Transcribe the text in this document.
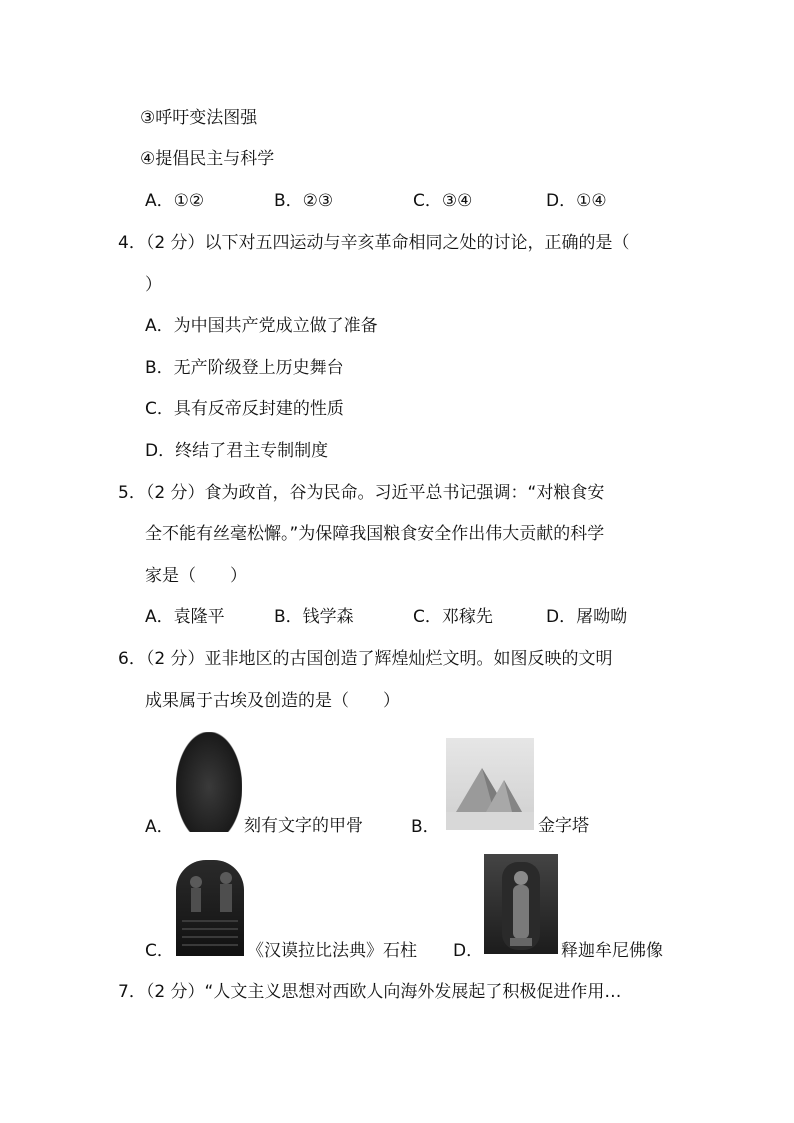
③呼吁变法图强
④提倡民主与科学
A．①②	B．②③	C．③④	D．①④
4．（2 分）以下对五四运动与辛亥革命相同之处的讨论，正确的是（
）
A．为中国共产党成立做了准备
B．无产阶级登上历史舞台
C．具有反帝反封建的性质
D．终结了君主专制制度
5．（2 分）食为政首，谷为民命。习近平总书记强调：“对粮食安
全不能有丝毫松懈。”为保障我国粮食安全作出伟大贡献的科学
家是（　　）
A．袁隆平	B．钱学森	C．邓稼先	D．屠呦呦
6．（2 分）亚非地区的古国创造了辉煌灿烂文明。如图反映的文明
成果属于古埃及创造的是（　　）
A．	刻有文字的甲骨	B．	金字塔
C．	《汉谟拉比法典》石柱 D．	释迦牟尼佛像
7．（2 分）“人文主义思想对西欧人向海外发展起了积极促进作用…
